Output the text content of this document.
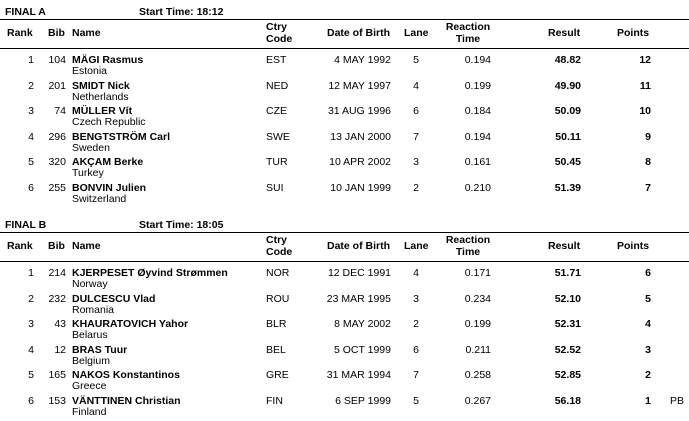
FINAL A	Start Time: 18:12
Rank Bib Name	Ctry
Code	Date of Birth Lane	Reaction
Time	Result	Points
1	104 MÄGI Rasmus
Estonia
EST	4 MAY 1992	5	0.194	48.82	12
2	201 SMIDT Nick
Netherlands
NED	12 MAY 1997	4	0.199	49.90	11
3	74 MÜLLER Vít
Czech Republic
CZE	31 AUG 1996	6	0.184	50.09	10
4	296 BENGTSTRÖM Carl
Sweden
SWE	13 JAN 2000	7	0.194	50.11	9
5	320 AKÇAM Berke
Turkey
TUR	10 APR 2002	3	0.161	50.45	8
6	255 BONVIN Julien
Switzerland
SUI	10 JAN 1999	2	0.210	51.39	7
FINAL B	Start Time: 18:05
Rank Bib Name	Ctry
Code	Date of Birth Lane	Reaction
Time	Result	Points
1	214 KJERPESET Øyvind Strømmen
Norway
NOR	12 DEC 1991	4	0.171	51.71	6
2	232 DULCESCU Vlad
Romania
ROU	23 MAR 1995	3	0.234	52.10	5
3	43 KHAURATOVICH Yahor
Belarus
BLR	8 MAY 2002	2	0.199	52.31	4
4	12 BRAS Tuur
Belgium
BEL	5 OCT 1999	6	0.211	52.52	3
5	165 NAKOS Konstantinos
Greece
GRE	31 MAR 1994	7	0.258	52.85	2
6	153 VÄNTTINEN Christian
Finland
FIN	6 SEP 1999	5	0.267	56.18	1 PB
